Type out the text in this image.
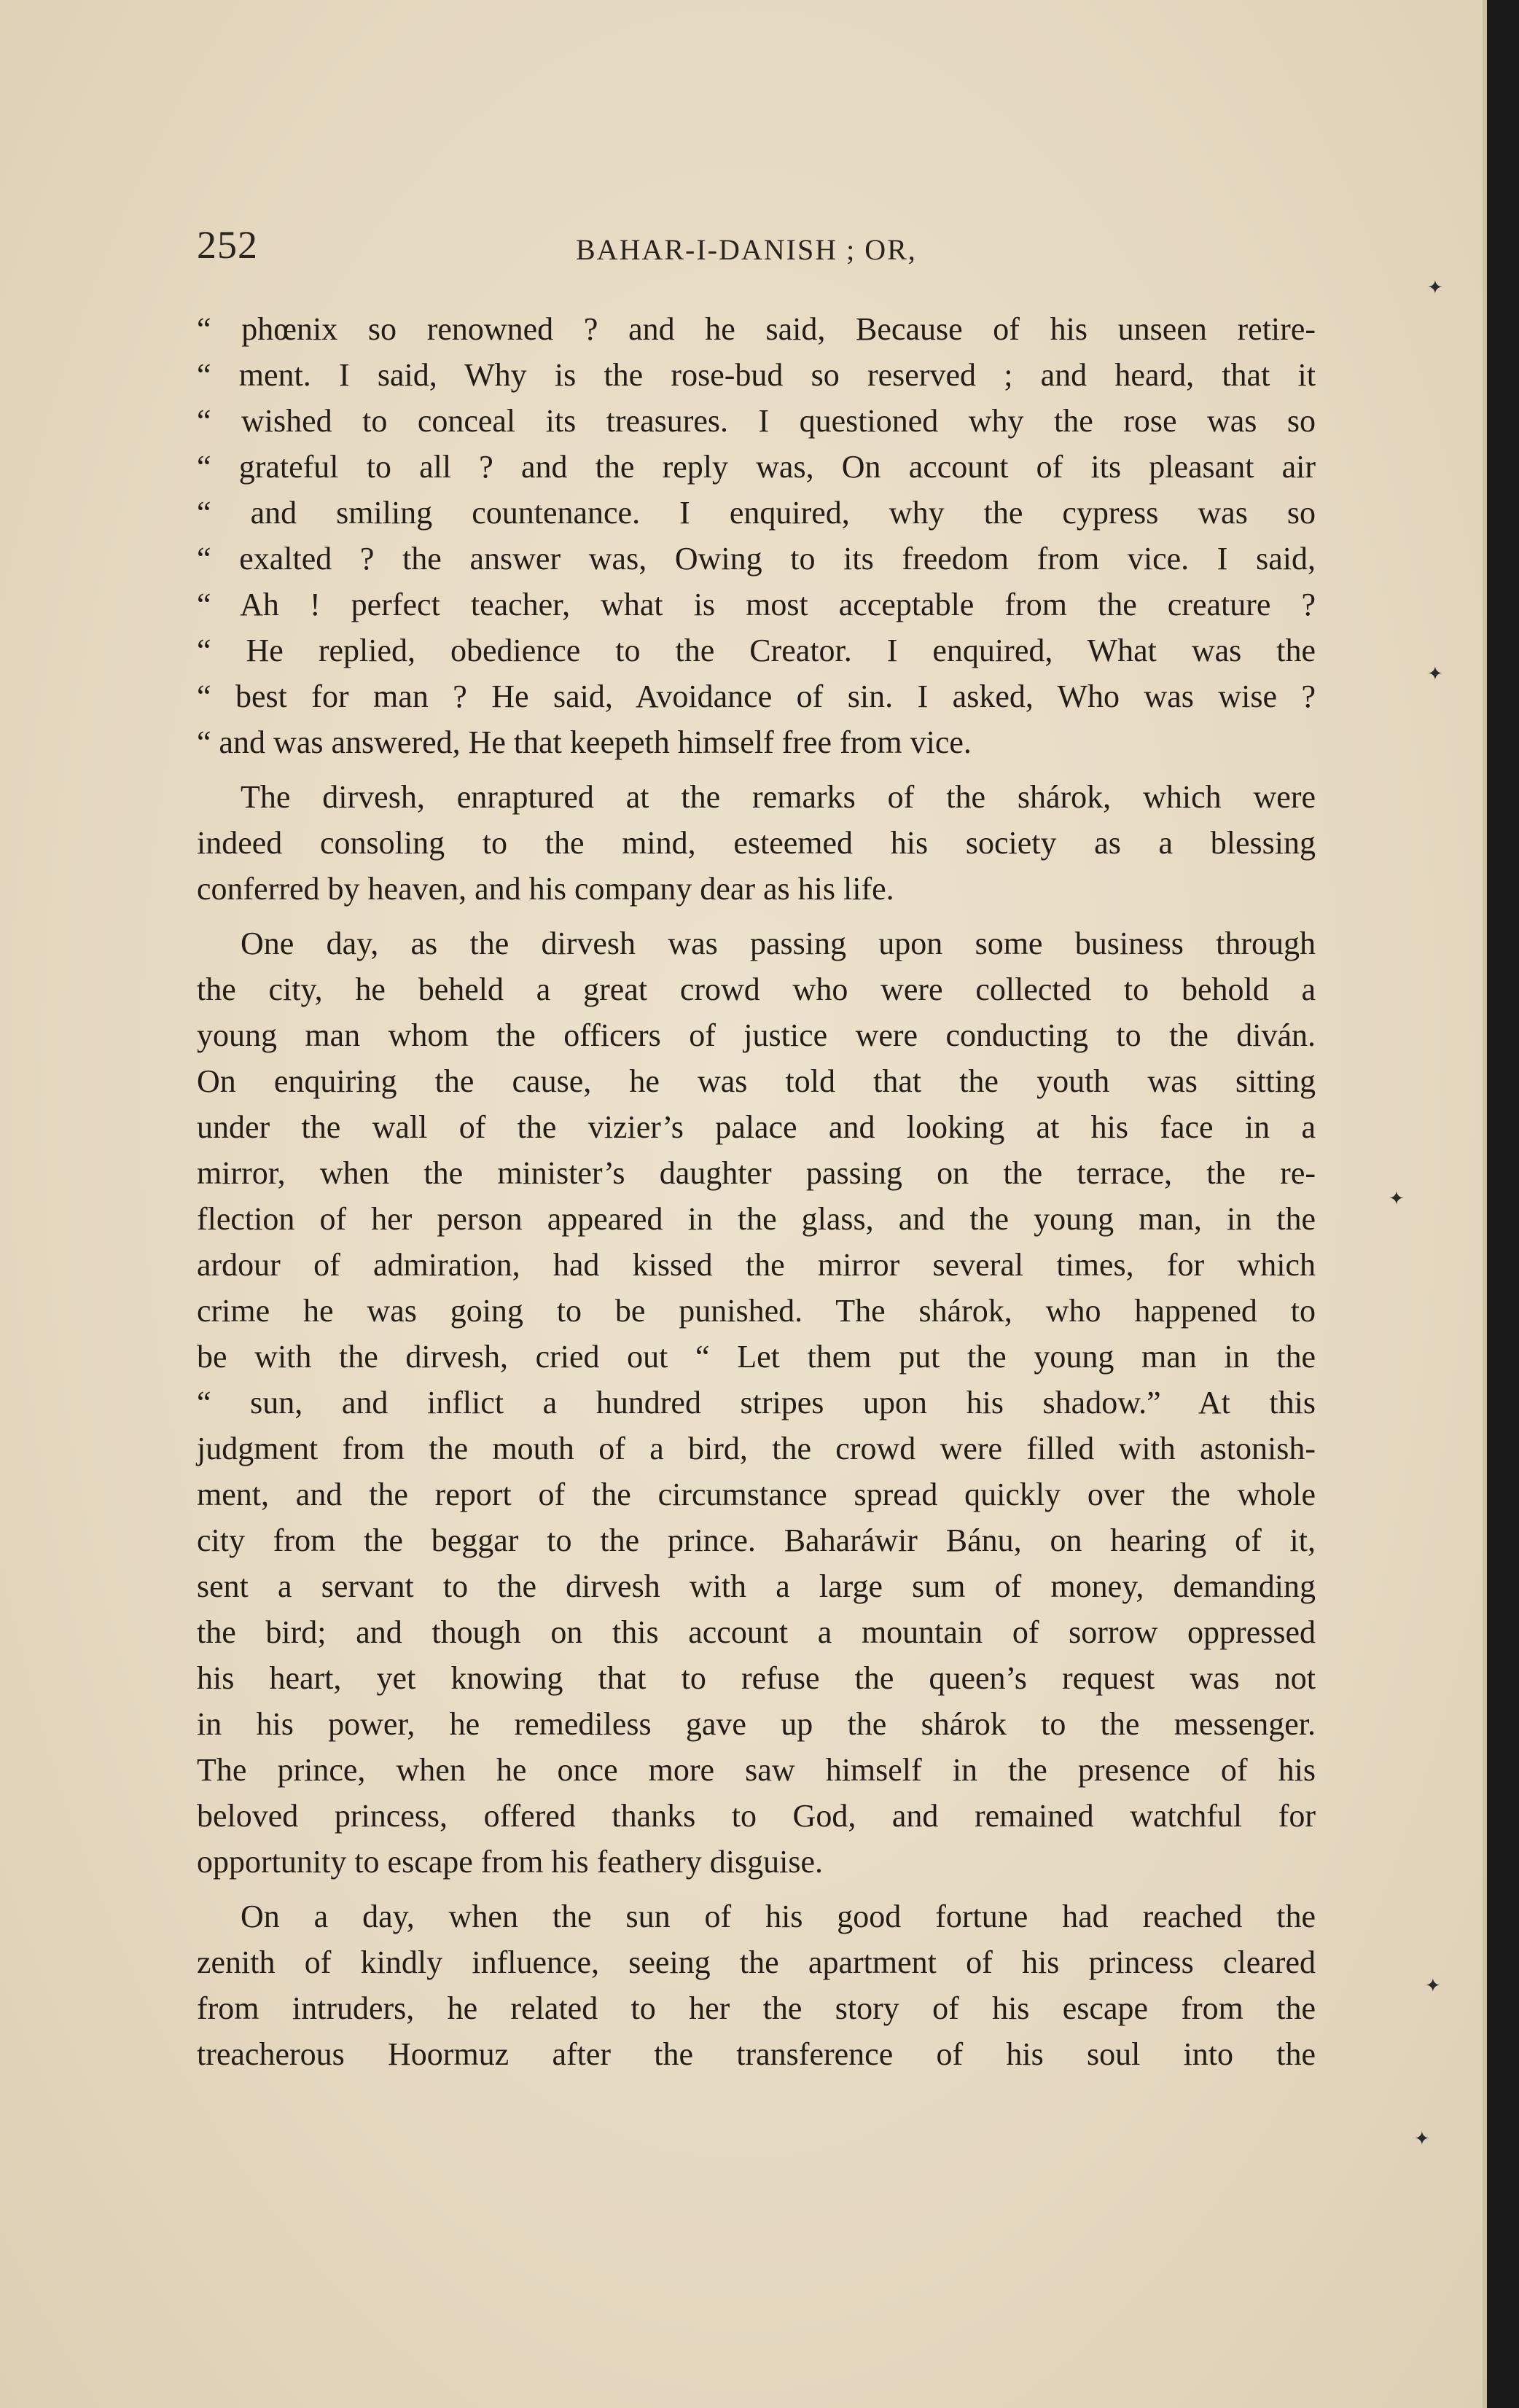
252	BAHAR-I-DANISH ; OR,
“ phœnix so renowned ? and he said, Because of his unseen retire-
“ ment. I said, Why is the rose-bud so reserved ; and heard, that it
“ wished to conceal its treasures. I questioned why the rose was so
“ grateful to all ? and the reply was, On account of its pleasant air
“ and smiling countenance. I enquired, why the cypress was so
“ exalted ? the answer was, Owing to its freedom from vice. I said,
“ Ah ! perfect teacher, what is most acceptable from the creature ?
“ He replied, obedience to the Creator. I enquired, What was the
“ best for man ? He said, Avoidance of sin. I asked, Who was wise ?
“ and was answered, He that keepeth himself free from vice.
The dirvesh, enraptured at the remarks of the shárok, which were
indeed consoling to the mind, esteemed his society as a blessing
conferred by heaven, and his company dear as his life.
One day, as the dirvesh was passing upon some business through
the city, he beheld a great crowd who were collected to behold a
young man whom the officers of justice were conducting to the diván.
On enquiring the cause, he was told that the youth was sitting
under the wall of the vizier’s palace and looking at his face in a
mirror, when the minister’s daughter passing on the terrace, the re-
flection of her person appeared in the glass, and the young man, in the
ardour of admiration, had kissed the mirror several times, for which
crime he was going to be punished. The shárok, who happened to
be with the dirvesh, cried out “ Let them put the young man in the
“ sun, and inflict a hundred stripes upon his shadow.” At this
judgment from the mouth of a bird, the crowd were filled with astonish-
ment, and the report of the circumstance spread quickly over the whole
city from the beggar to the prince. Baharáwir Bánu, on hearing of it,
sent a servant to the dirvesh with a large sum of money, demanding
the bird; and though on this account a mountain of sorrow oppressed
his heart, yet knowing that to refuse the queen’s request was not
in his power, he remediless gave up the shárok to the messenger.
The prince, when he once more saw himself in the presence of his
beloved princess, offered thanks to God, and remained watchful for
opportunity to escape from his feathery disguise.
On a day, when the sun of his good fortune had reached the
zenith of kindly influence, seeing the apartment of his princess cleared
from intruders, he related to her the story of his escape from the
treacherous Hoormuz after the transference of his soul into the
✦
✦
✦
✦
✦
